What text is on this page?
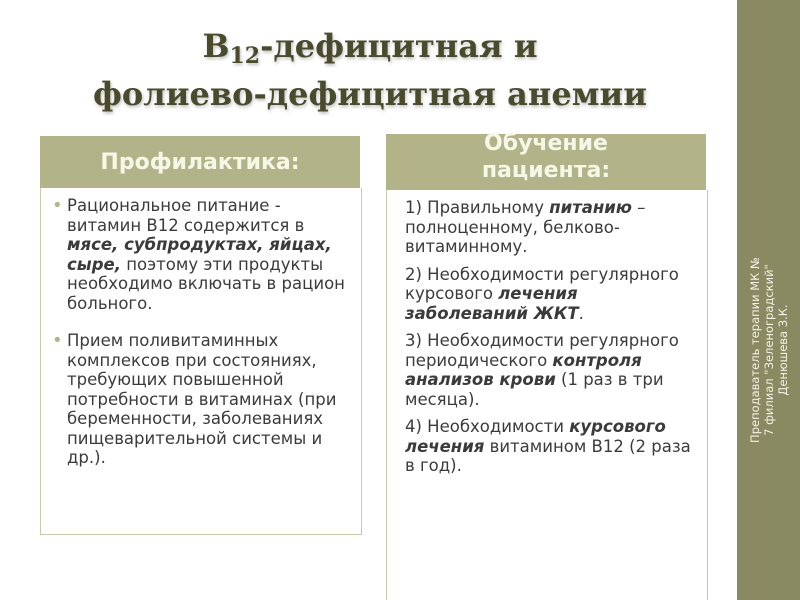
Преподаватель терапии МК № 7 филиал "Зеленоградский" Денюшева З.К.
$B_{12}$-дефицитная и
фолиево-дефицитная анемии
Профилактика:
• Рациональное питание - витамин B12 содержится в мясе, субпродуктах, яйцах, сыре, поэтому эти продукты необходимо включать в рацион больного.
• Прием поливитаминных комплексов при состояниях, требующих повышенной потребности в витаминах (при беременности, заболеваниях пищеварительной системы и др.).
Обучение
пациента:

1) Правильному питанию – полноценному, белково-витаминному.

2) Необходимости регулярного курсового лечения заболеваний ЖКТ.

3) Необходимости регулярного периодического контроля анализов крови (1 раз в три месяца).

4) Необходимости курсового лечения витамином B12 (2 раза в год).
